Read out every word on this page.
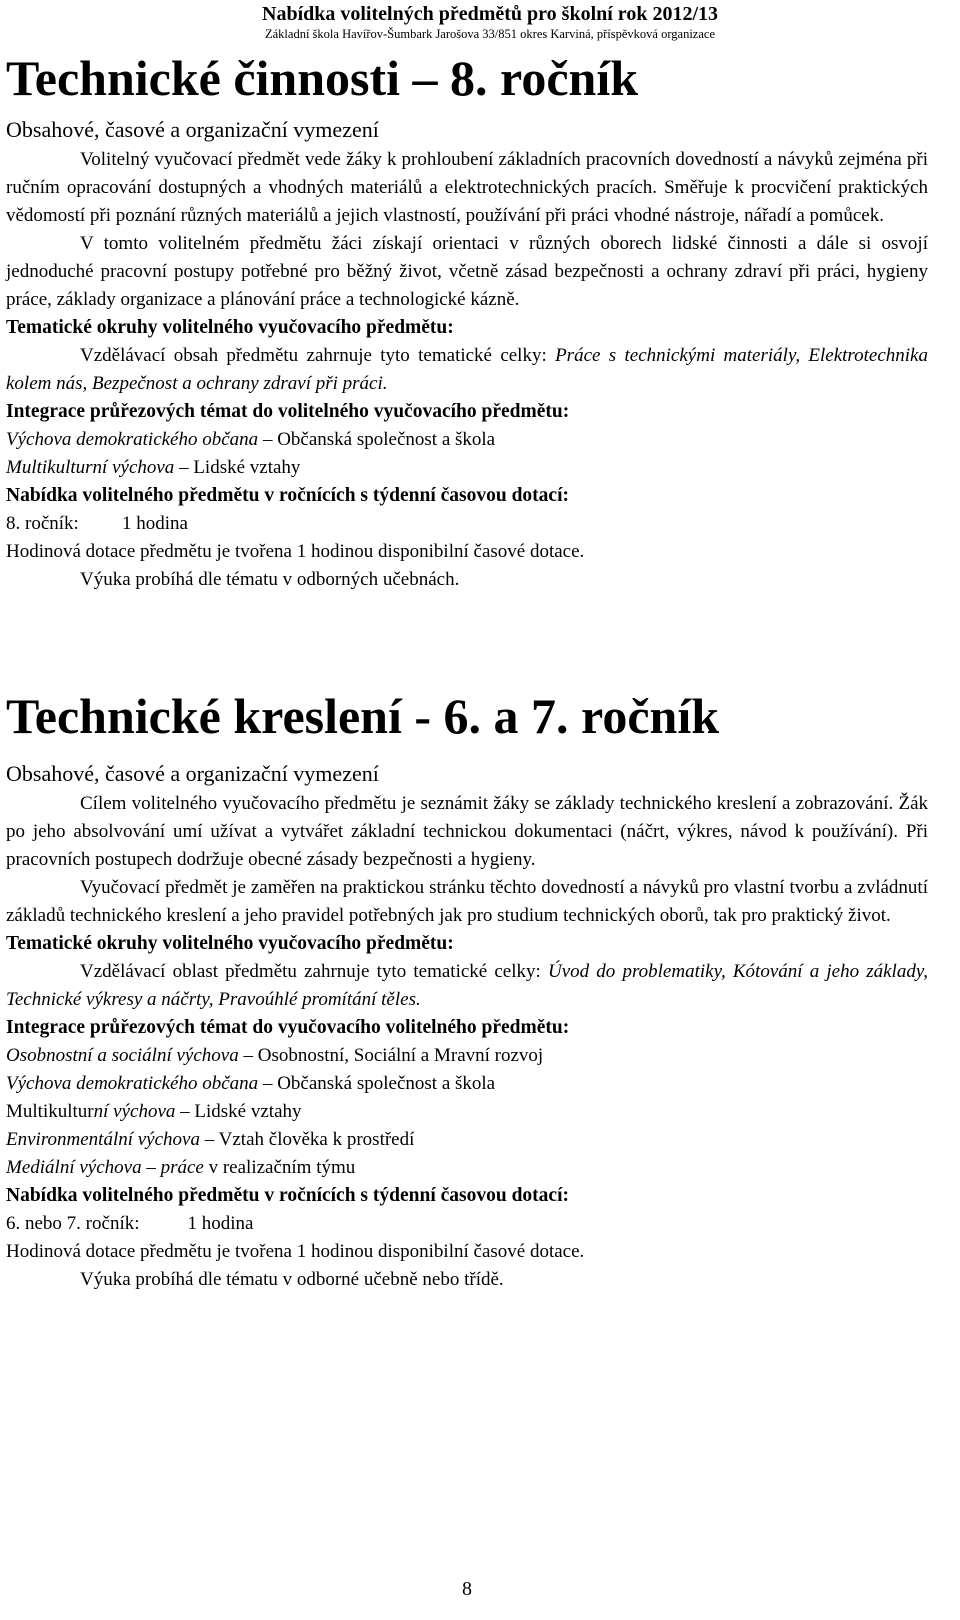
Nabídka volitelných předmětů pro školní rok 2012/13
Základní škola Havířov-Šumbark Jarošova 33/851 okres Karviná, příspěvková organizace
Technické činnosti – 8. ročník

Obsahové, časové a organizační vymezení

Volitelný vyučovací předmět vede žáky k prohloubení základních pracovních dovedností a návyků zejména při ručním opracování dostupných a vhodných materiálů a elektrotechnických pracích. Směřuje k procvičení praktických vědomostí při poznání různých materiálů a jejich vlastností, používání při práci vhodné nástroje, nářadí a pomůcek.

V tomto volitelném předmětu žáci získají orientaci v různých oborech lidské činnosti a dále si osvojí jednoduché pracovní postupy potřebné pro běžný život, včetně zásad bezpečnosti a ochrany zdraví při práci, hygieny práce, základy organizace a plánování práce a technologické kázně.

Tematické okruhy volitelného vyučovacího předmětu:

Vzdělávací obsah předmětu zahrnuje tyto tematické celky: Práce s technickými materiály, Elektrotechnika kolem nás, Bezpečnost a ochrany zdraví při práci.

Integrace průřezových témat do volitelného vyučovacího předmětu:

Výchova demokratického občana – Občanská společnost a škola

Multikulturní výchova – Lidské vztahy

Nabídka volitelného předmětu v ročnících s týdenní časovou dotací:

8. ročník: 1 hodina

Hodinová dotace předmětu je tvořena 1 hodinou disponibilní časové dotace.

Výuka probíhá dle tématu v odborných učebnách.

Technické kreslení - 6. a 7. ročník

Obsahové, časové a organizační vymezení

Cílem volitelného vyučovacího předmětu je seznámit žáky se základy technického kreslení a zobrazování. Žák po jeho absolvování umí užívat a vytvářet základní technickou dokumentaci (náčrt, výkres, návod k používání). Při pracovních postupech dodržuje obecné zásady bezpečnosti a hygieny.

Vyučovací předmět je zaměřen na praktickou stránku těchto dovedností a návyků pro vlastní tvorbu a zvládnutí základů technického kreslení a jeho pravidel potřebných jak pro studium technických oborů, tak pro praktický život.

Tematické okruhy volitelného vyučovacího předmětu:

Vzdělávací oblast předmětu zahrnuje tyto tematické celky: Úvod do problematiky, Kótování a jeho základy, Technické výkresy a náčrty, Pravoúhlé promítání těles.

Integrace průřezových témat do vyučovacího volitelného předmětu:

Osobnostní a sociální výchova – Osobnostní, Sociální a Mravní rozvoj

Výchova demokratického občana – Občanská společnost a škola

Multikulturní výchova – Lidské vztahy

Environmentální výchova – Vztah člověka k prostředí

Mediální výchova – práce v realizačním týmu

Nabídka volitelného předmětu v ročnících s týdenní časovou dotací:

6. nebo 7. ročník:	1 hodina

Hodinová dotace předmětu je tvořena 1 hodinou disponibilní časové dotace.

Výuka probíhá dle tématu v odborné učebně nebo třídě.

8
